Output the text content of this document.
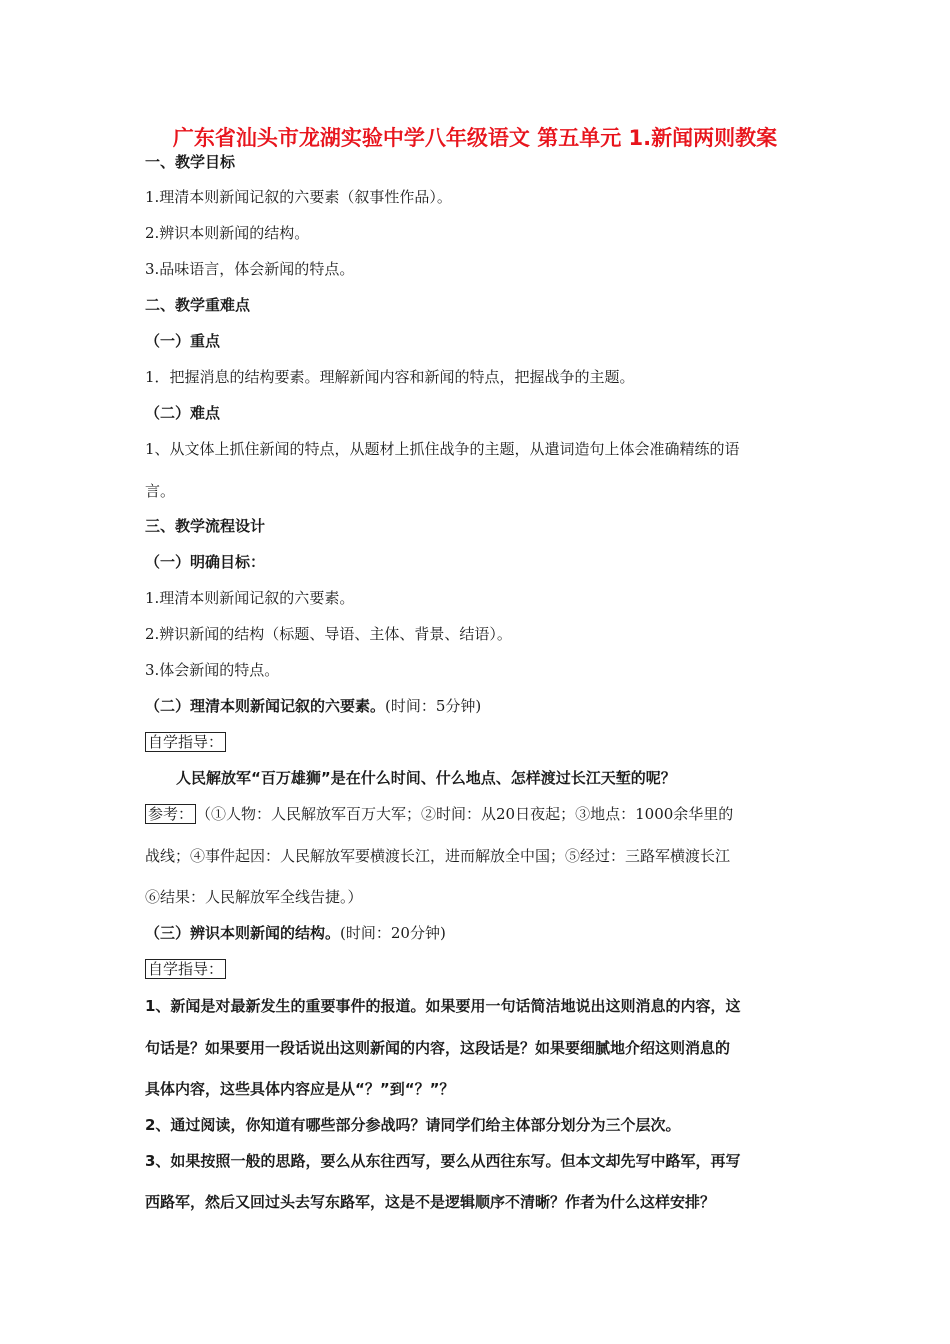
广东省汕头市龙湖实验中学八年级语文 第五单元 1.新闻两则教案
一、教学目标
1.理清本则新闻记叙的六要素（叙事性作品）。
2.辨识本则新闻的结构。
3.品味语言，体会新闻的特点。
二、教学重难点
（一）重点
1．把握消息的结构要素。理解新闻内容和新闻的特点，把握战争的主题。
（二）难点
1、从文体上抓住新闻的特点，从题材上抓住战争的主题，从遣词造句上体会准确精练的语
言。
三、教学流程设计
（一）明确目标：
1.理清本则新闻记叙的六要素。
2.辨识新闻的结构（标题、导语、主体、背景、结语）。
3.体会新闻的特点。
（二）理清本则新闻记叙的六要素。(时间：5分钟)
自学指导：
人民解放军“百万雄狮”是在什么时间、什么地点、怎样渡过长江天堑的呢？
参考： （①人物：人民解放军百万大军；②时间：从20日夜起；③地点：1000余华里的
战线；④事件起因：人民解放军要横渡长江，进而解放全中国；⑤经过：三路军横渡长江
⑥结果：人民解放军全线告捷。）
（三）辨识本则新闻的结构。(时间：20分钟)
自学指导：
1、新闻是对最新发生的重要事件的报道。如果要用一句话简洁地说出这则消息的内容，这
句话是？如果要用一段话说出这则新闻的内容，这段话是？如果要细腻地介绍这则消息的
具体内容，这些具体内容应是从“？”到“？”？
2、通过阅读，你知道有哪些部分参战吗？请同学们给主体部分划分为三个层次。
3、如果按照一般的思路，要么从东往西写，要么从西往东写。但本文却先写中路军，再写
西路军，然后又回过头去写东路军，这是不是逻辑顺序不清晰？作者为什么这样安排？
